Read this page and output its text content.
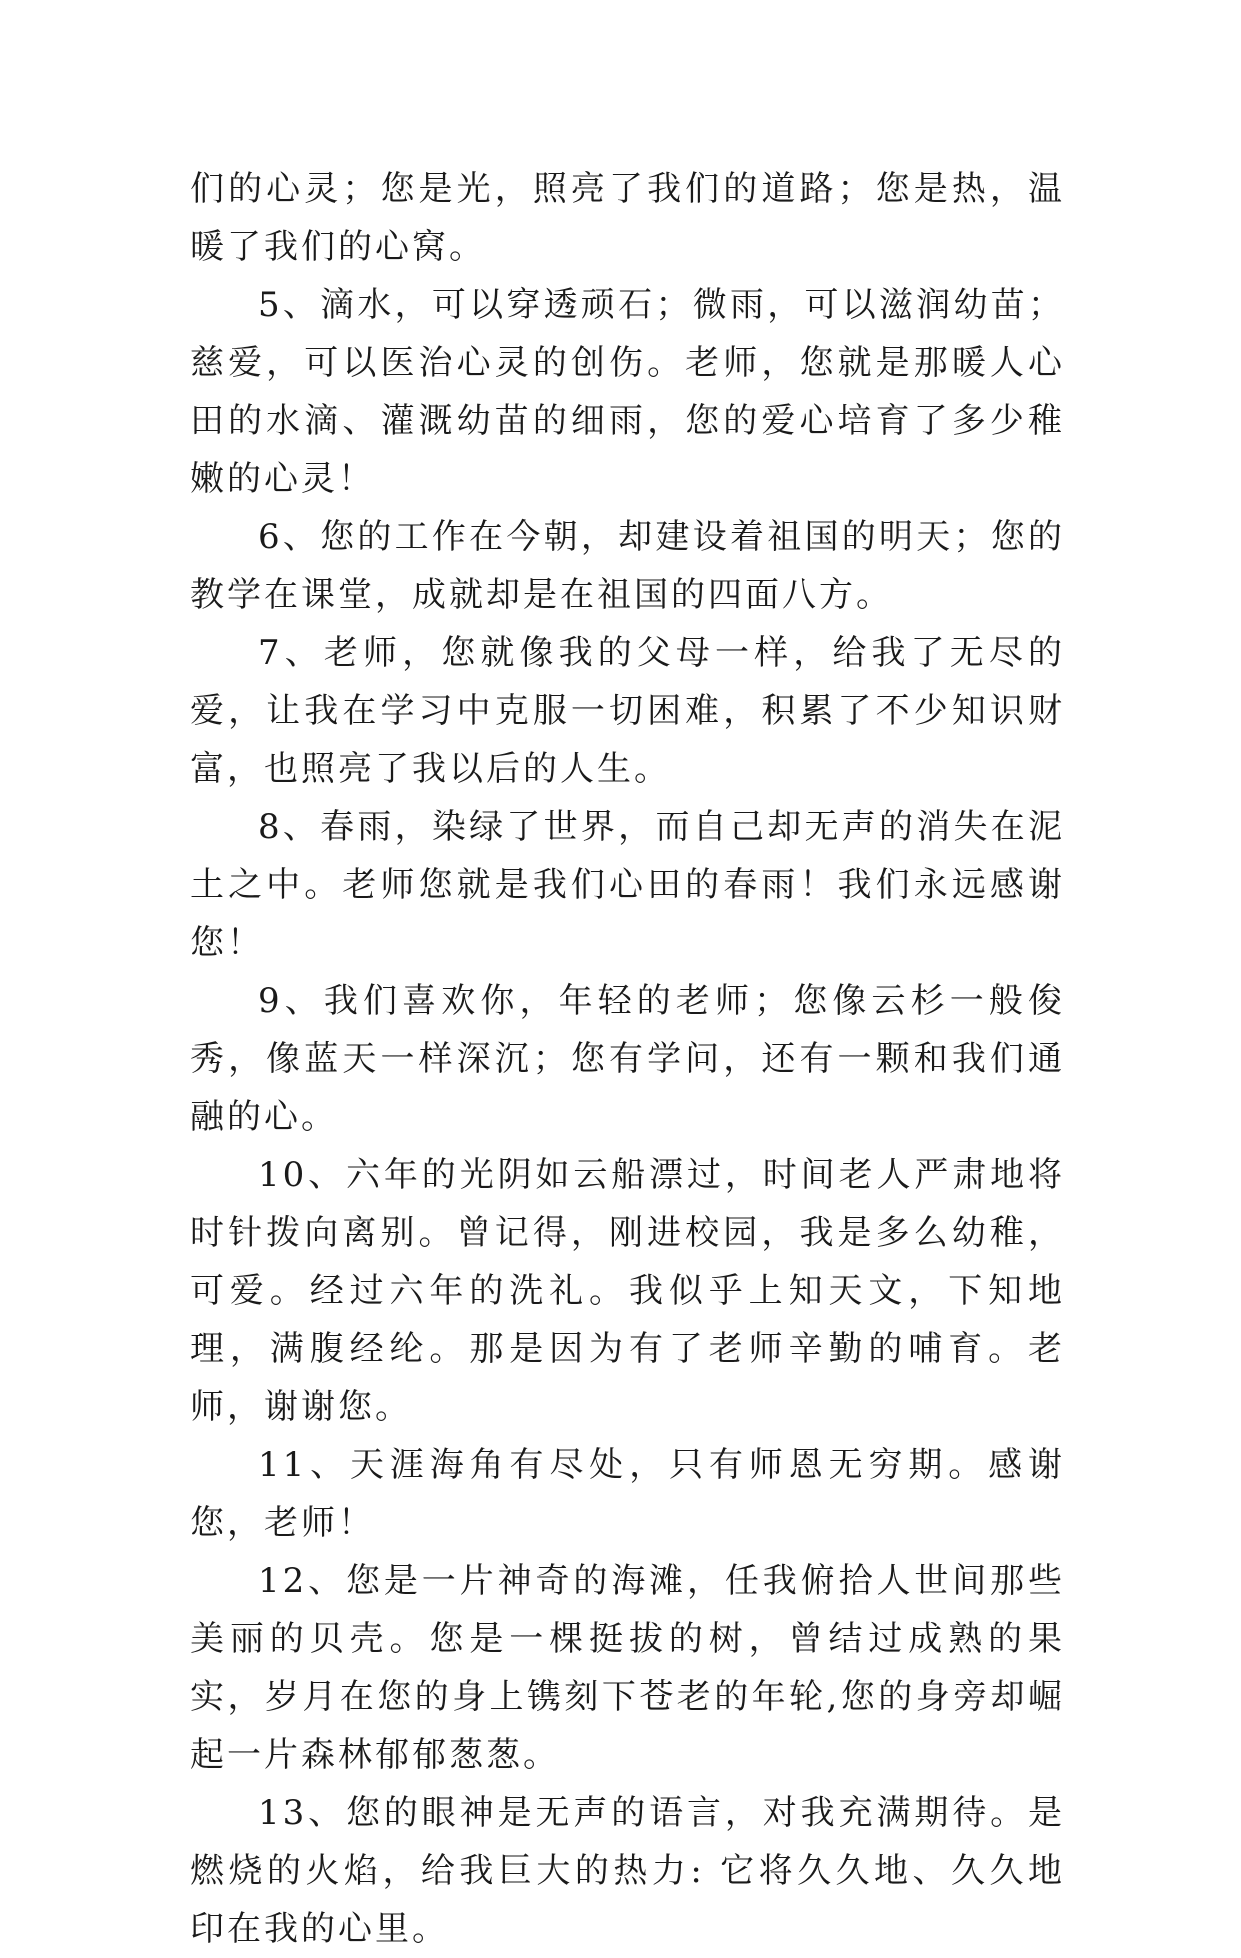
们的心灵；您是光，照亮了我们的道路；您是热，温暖了我们的心窝。

5、滴水，可以穿透顽石；微雨，可以滋润幼苗；慈爱，可以医治心灵的创伤。老师，您就是那暖人心田的水滴、灌溉幼苗的细雨，您的爱心培育了多少稚嫩的心灵！

6、您的工作在今朝，却建设着祖国的明天；您的教学在课堂，成就却是在祖国的四面八方。

7、老师，您就像我的父母一样，给我了无尽的爱，让我在学习中克服一切困难，积累了不少知识财富，也照亮了我以后的人生。

8、春雨，染绿了世界，而自己却无声的消失在泥土之中。老师您就是我们心田的春雨！我们永远感谢您！

9、我们喜欢你，年轻的老师；您像云杉一般俊秀，像蓝天一样深沉；您有学问，还有一颗和我们通融的心。

10、六年的光阴如云船漂过，时间老人严肃地将时针拨向离别。曾记得，刚进校园，我是多么幼稚，可爱。经过六年的洗礼。我似乎上知天文，下知地理，满腹经纶。那是因为有了老师辛勤的哺育。老师，谢谢您。

11、天涯海角有尽处，只有师恩无穷期。感谢您，老师！

12、您是一片神奇的海滩，任我俯拾人世间那些美丽的贝壳。您是一棵挺拔的树，曾结过成熟的果实，岁月在您的身上镌刻下苍老的年轮,您的身旁却崛起一片森林郁郁葱葱。

13、您的眼神是无声的语言，对我充满期待。是燃烧的火焰，给我巨大的热力: 它将久久地、久久地印在我的心里。
